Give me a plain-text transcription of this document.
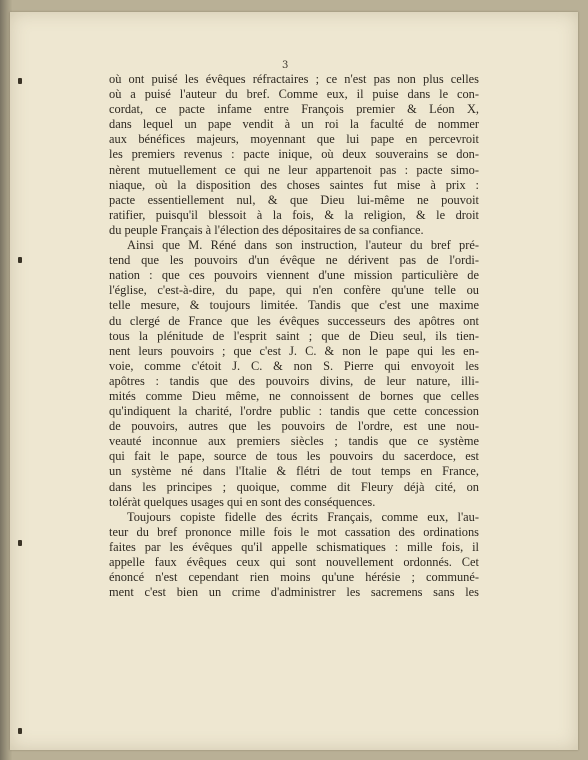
3
où ont puisé les évêques réfractaires ; ce n'est pas non plus celles
où a puisé l'auteur du bref. Comme eux, il puise dans le con-
cordat, ce pacte infame entre François premier & Léon X,
dans lequel un pape vendit à un roi la faculté de nommer
aux bénéfices majeurs, moyennant que lui pape en percevroit
les premiers revenus : pacte inique, où deux souverains se don-
nèrent mutuellement ce qui ne leur appartenoit pas : pacte simo-
niaque, où la disposition des choses saintes fut mise à prix :
pacte essentiellement nul, & que Dieu lui-même ne pouvoit
ratifier, puisqu'il blessoit à la fois, & la religion, & le droit
du peuple Français à l'élection des dépositaires de sa confiance.
Ainsi que M. Réné dans son instruction, l'auteur du bref pré-
tend que les pouvoirs d'un évêque ne dérivent pas de l'ordi-
nation : que ces pouvoirs viennent d'une mission particulière de
l'église, c'est-à-dire, du pape, qui n'en confère qu'une telle ou
telle mesure, & toujours limitée. Tandis que c'est une maxime
du clergé de France que les évêques successeurs des apôtres ont
tous la plénitude de l'esprit saint ; que de Dieu seul, ils tien-
nent leurs pouvoirs ; que c'est J. C. & non le pape qui les en-
voie, comme c'étoit J. C. & non S. Pierre qui envoyoit les
apôtres : tandis que des pouvoirs divins, de leur nature, illi-
mités comme Dieu même, ne connoissent de bornes que celles
qu'indiquent la charité, l'ordre public : tandis que cette concession
de pouvoirs, autres que les pouvoirs de l'ordre, est une nou-
veauté inconnue aux premiers siècles ; tandis que ce système
qui fait le pape, source de tous les pouvoirs du sacerdoce, est
un système né dans l'Italie & flétri de tout temps en France,
dans les principes ; quoique, comme dit Fleury déjà cité, on
toléràt quelques usages qui en sont des conséquences.
Toujours copiste fidelle des écrits Français, comme eux, l'au-
teur du bref prononce mille fois le mot cassation des ordinations
faites par les évêques qu'il appelle schismatiques : mille fois, il
appelle faux évêques ceux qui sont nouvellement ordonnés. Cet
énoncé n'est cependant rien moins qu'une hérésie ; communé-
ment c'est bien un crime d'administrer les sacremens sans les
